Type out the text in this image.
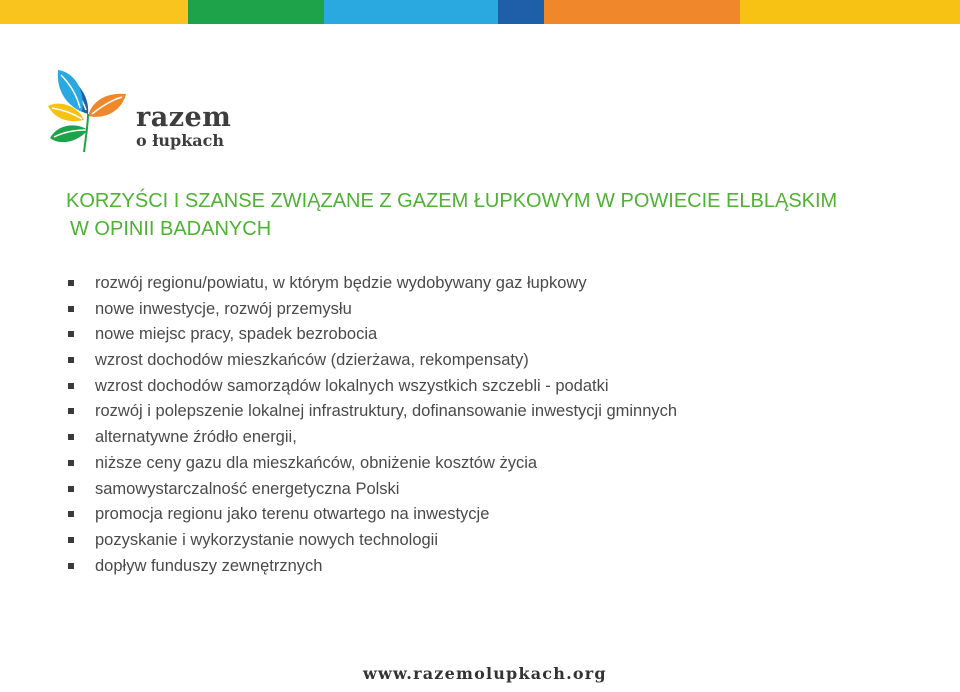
razem
o łupkach
KORZYŚCI I SZANSE ZWIĄZANE Z GAZEM ŁUPKOWYM W POWIECIE ELBLĄSKIM
W OPINII BADANYCH
rozwój regionu/powiatu, w którym będzie wydobywany gaz łupkowy
nowe inwestycje, rozwój przemysłu
nowe miejsc pracy, spadek bezrobocia
wzrost dochodów mieszkańców (dzierżawa, rekompensaty)
wzrost dochodów samorządów lokalnych wszystkich szczebli - podatki
rozwój i polepszenie lokalnej infrastruktury, dofinansowanie inwestycji gminnych
alternatywne źródło energii,
niższe ceny gazu dla mieszkańców, obniżenie kosztów życia
samowystarczalność energetyczna Polski
promocja regionu jako terenu otwartego na inwestycje
pozyskanie i wykorzystanie nowych technologii
dopływ funduszy zewnętrznych
www.razemolupkach.org
